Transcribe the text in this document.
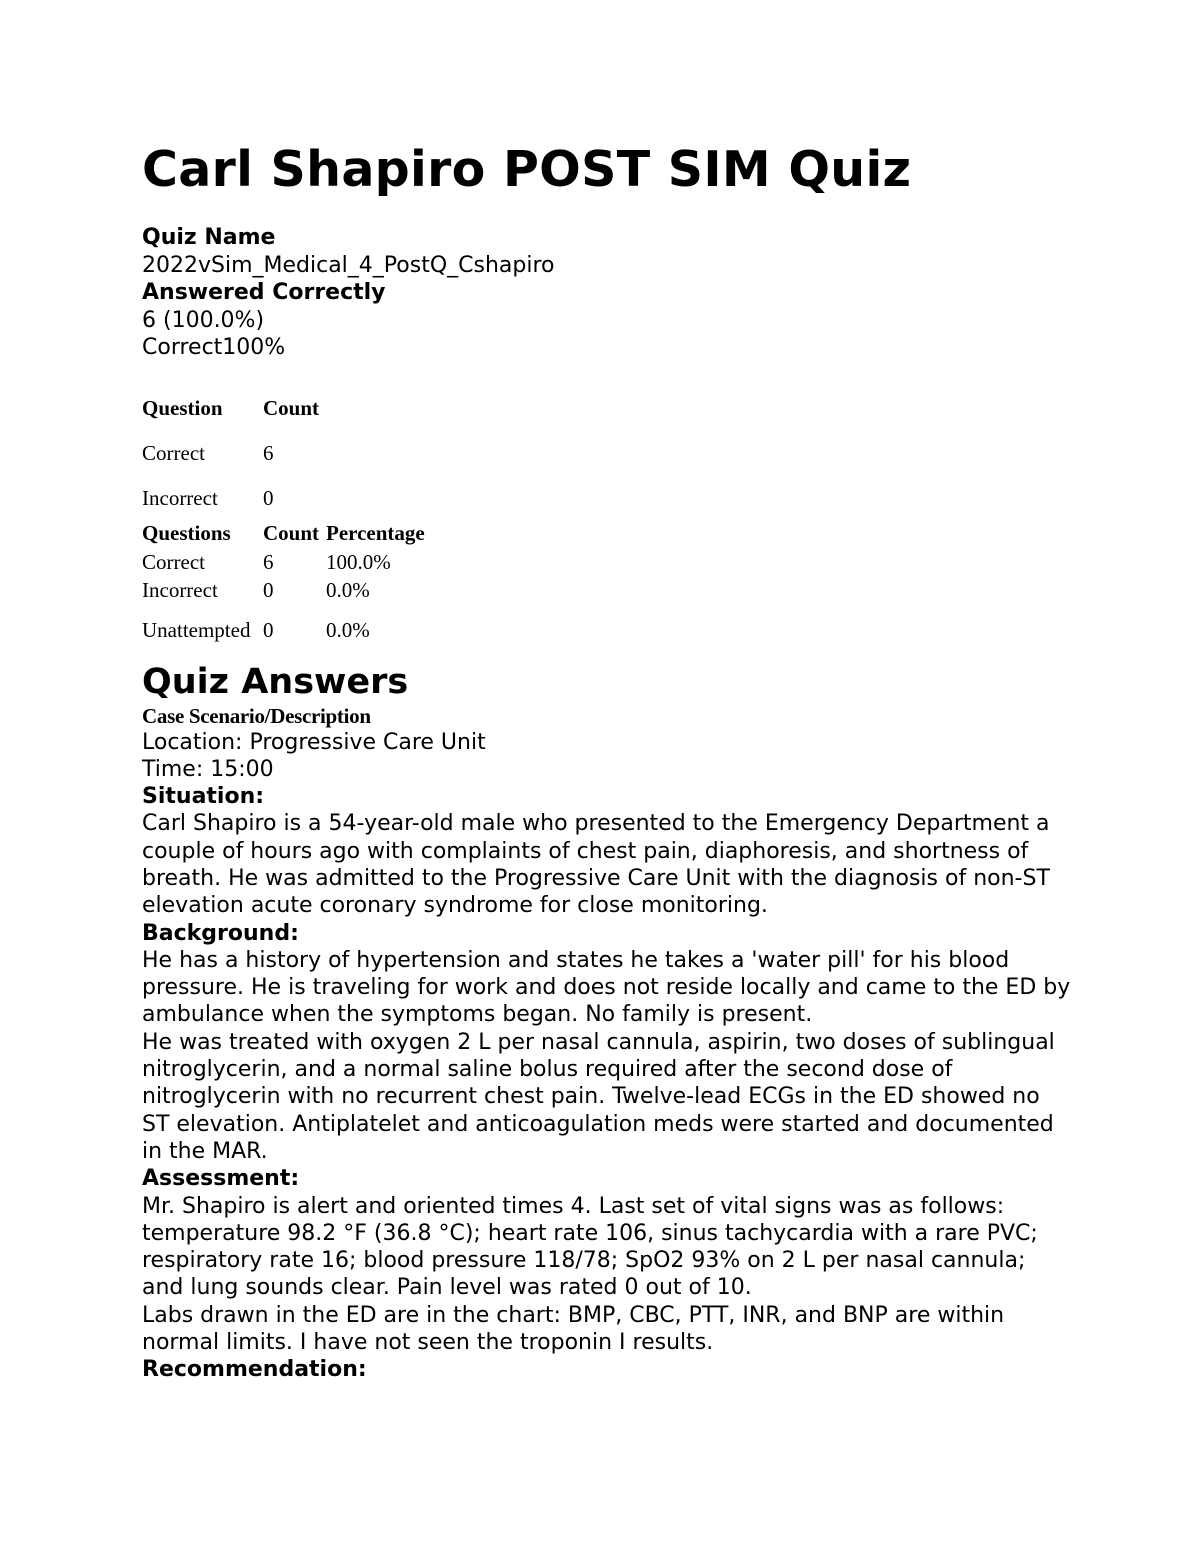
Carl Shapiro POST SIM Quiz
Quiz Name
2022vSim_Medical_4_PostQ_Cshapiro
Answered Correctly
6 (100.0%)
Correct100%
Question	Count
Correct	6
Incorrect	0
Questions	Count	Percentage
Correct	6	100.0%
Incorrect	0	0.0%

Unattempted	0	0.0%
Quiz Answers
Case Scenario/Description
Location: Progressive Care Unit
Time: 15:00
Situation:
Carl Shapiro is a 54-year-old male who presented to the Emergency Department a couple of hours ago with complaints of chest pain, diaphoresis, and shortness of breath. He was admitted to the Progressive Care Unit with the diagnosis of non-ST elevation acute coronary syndrome for close monitoring.
Background:
He has a history of hypertension and states he takes a 'water pill' for his blood pressure. He is traveling for work and does not reside locally and came to the ED by ambulance when the symptoms began. No family is present.
He was treated with oxygen 2 L per nasal cannula, aspirin, two doses of sublingual nitroglycerin, and a normal saline bolus required after the second dose of nitroglycerin with no recurrent chest pain. Twelve-lead ECGs in the ED showed no ST elevation. Antiplatelet and anticoagulation meds were started and documented in the MAR.
Assessment:
Mr. Shapiro is alert and oriented times 4. Last set of vital signs was as follows: temperature 98.2 °F (36.8 °C); heart rate 106, sinus tachycardia with a rare PVC; respiratory rate 16; blood pressure 118/78; SpO2 93% on 2 L per nasal cannula; and lung sounds clear. Pain level was rated 0 out of 10.
Labs drawn in the ED are in the chart: BMP, CBC, PTT, INR, and BNP are within normal limits. I have not seen the troponin I results.
Recommendation:
